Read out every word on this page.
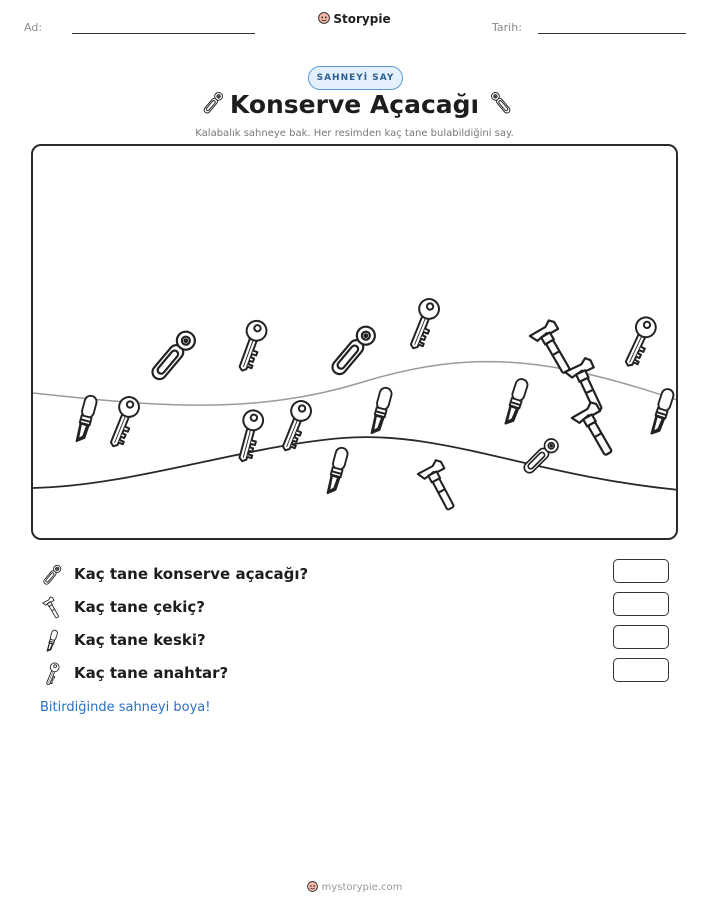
Ad:	Tarih:
Storypie
SAHNEYİ SAY
Konserve Açacağı
Kalabalık sahneye bak. Her resimden kaç tane bulabildiğini say.
Kaç tane konserve açacağı?
Kaç tane çekiç?
Kaç tane keski?
Kaç tane anahtar?
Bitirdiğinde sahneyi boya!
mystorypie.com
